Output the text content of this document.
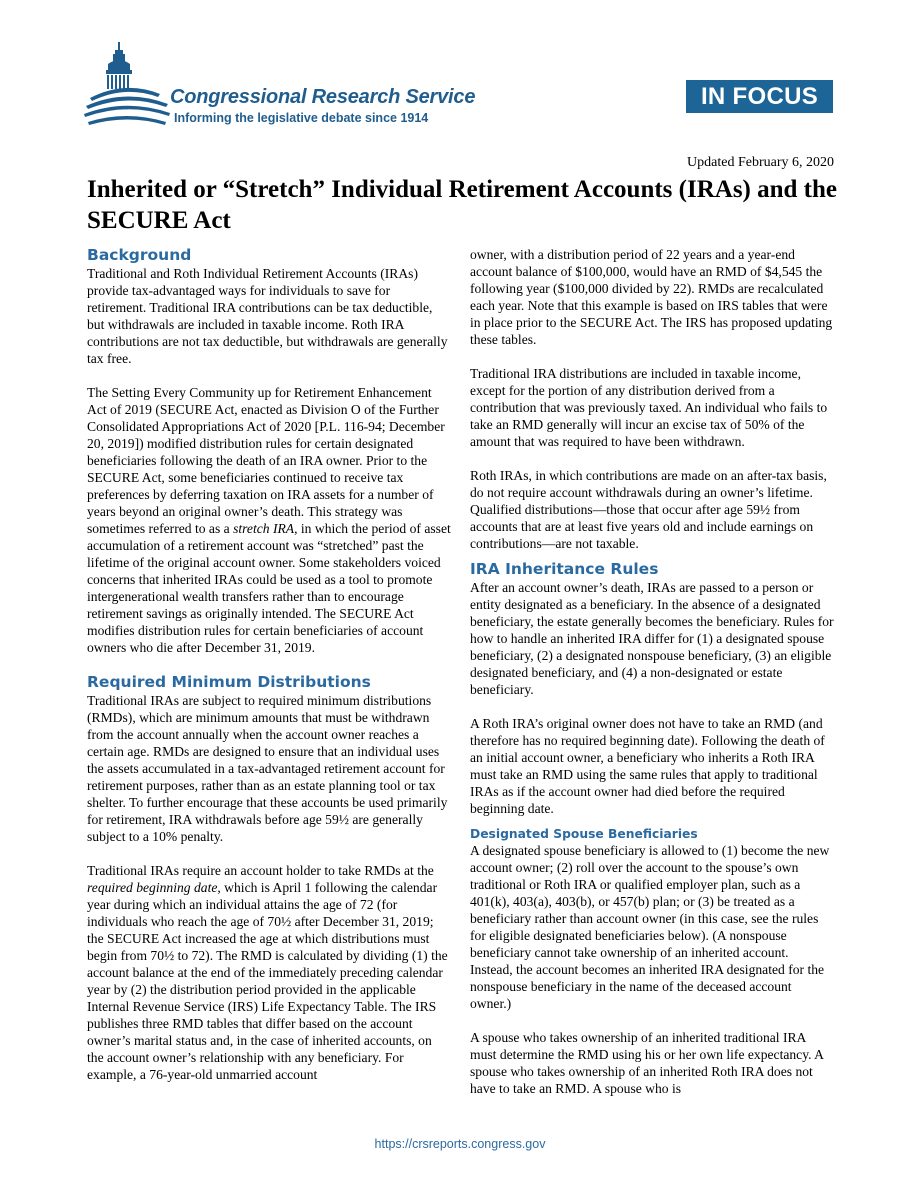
Congressional Research Service
Informing the legislative debate since 1914
IN FOCUS
Updated February 6, 2020
Inherited or “Stretch” Individual Retirement Accounts (IRAs) and the SECURE Act
Background

Traditional and Roth Individual Retirement Accounts (IRAs) provide tax-advantaged ways for individuals to save for retirement. Traditional IRA contributions can be tax deductible, but withdrawals are included in taxable income. Roth IRA contributions are not tax deductible, but withdrawals are generally tax free.

The Setting Every Community up for Retirement Enhancement Act of 2019 (SECURE Act, enacted as Division O of the Further Consolidated Appropriations Act of 2020 [P.L. 116-94; December 20, 2019]) modified distribution rules for certain designated beneficiaries following the death of an IRA owner. Prior to the SECURE Act, some beneficiaries continued to receive tax preferences by deferring taxation on IRA assets for a number of years beyond an original owner’s death. This strategy was sometimes referred to as a stretch IRA, in which the period of asset accumulation of a retirement account was “stretched” past the lifetime of the original account owner. Some stakeholders voiced concerns that inherited IRAs could be used as a tool to promote intergenerational wealth transfers rather than to encourage retirement savings as originally intended. The SECURE Act modifies distribution rules for certain beneficiaries of account owners who die after December 31, 2019.

Required Minimum Distributions

Traditional IRAs are subject to required minimum distributions (RMDs), which are minimum amounts that must be withdrawn from the account annually when the account owner reaches a certain age. RMDs are designed to ensure that an individual uses the assets accumulated in a tax-advantaged retirement account for retirement purposes, rather than as an estate planning tool or tax shelter. To further encourage that these accounts be used primarily for retirement, IRA withdrawals before age 59½ are generally subject to a 10% penalty.

Traditional IRAs require an account holder to take RMDs at the required beginning date, which is April 1 following the calendar year during which an individual attains the age of 72 (for individuals who reach the age of 70½ after December 31, 2019; the SECURE Act increased the age at which distributions must begin from 70½ to 72). The RMD is calculated by dividing (1) the account balance at the end of the immediately preceding calendar year by (2) the distribution period provided in the applicable Internal Revenue Service (IRS) Life Expectancy Table. The IRS publishes three RMD tables that differ based on the account owner’s marital status and, in the case of inherited accounts, on the account owner’s relationship with any beneficiary. For example, a 76-year-old unmarried account

owner, with a distribution period of 22 years and a year-end account balance of $100,000, would have an RMD of $4,545 the following year ($100,000 divided by 22). RMDs are recalculated each year. Note that this example is based on IRS tables that were in place prior to the SECURE Act. The IRS has proposed updating these tables.

Traditional IRA distributions are included in taxable income, except for the portion of any distribution derived from a contribution that was previously taxed. An individual who fails to take an RMD generally will incur an excise tax of 50% of the amount that was required to have been withdrawn.

Roth IRAs, in which contributions are made on an after-tax basis, do not require account withdrawals during an owner’s lifetime. Qualified distributions—those that occur after age 59½ from accounts that are at least five years old and include earnings on contributions—are not taxable.

IRA Inheritance Rules

After an account owner’s death, IRAs are passed to a person or entity designated as a beneficiary. In the absence of a designated beneficiary, the estate generally becomes the beneficiary. Rules for how to handle an inherited IRA differ for (1) a designated spouse beneficiary, (2) a designated nonspouse beneficiary, (3) an eligible designated beneficiary, and (4) a non-designated or estate beneficiary.

A Roth IRA’s original owner does not have to take an RMD (and therefore has no required beginning date). Following the death of an initial account owner, a beneficiary who inherits a Roth IRA must take an RMD using the same rules that apply to traditional IRAs as if the account owner had died before the required beginning date.

Designated Spouse Beneficiaries

A designated spouse beneficiary is allowed to (1) become the new account owner; (2) roll over the account to the spouse’s own traditional or Roth IRA or qualified employer plan, such as a 401(k), 403(a), 403(b), or 457(b) plan; or (3) be treated as a beneficiary rather than account owner (in this case, see the rules for eligible designated beneficiaries below). (A nonspouse beneficiary cannot take ownership of an inherited account. Instead, the account becomes an inherited IRA designated for the nonspouse beneficiary in the name of the deceased account owner.)

A spouse who takes ownership of an inherited traditional IRA must determine the RMD using his or her own life expectancy. A spouse who takes ownership of an inherited Roth IRA does not have to take an RMD. A spouse who is

https://crsreports.congress.gov
